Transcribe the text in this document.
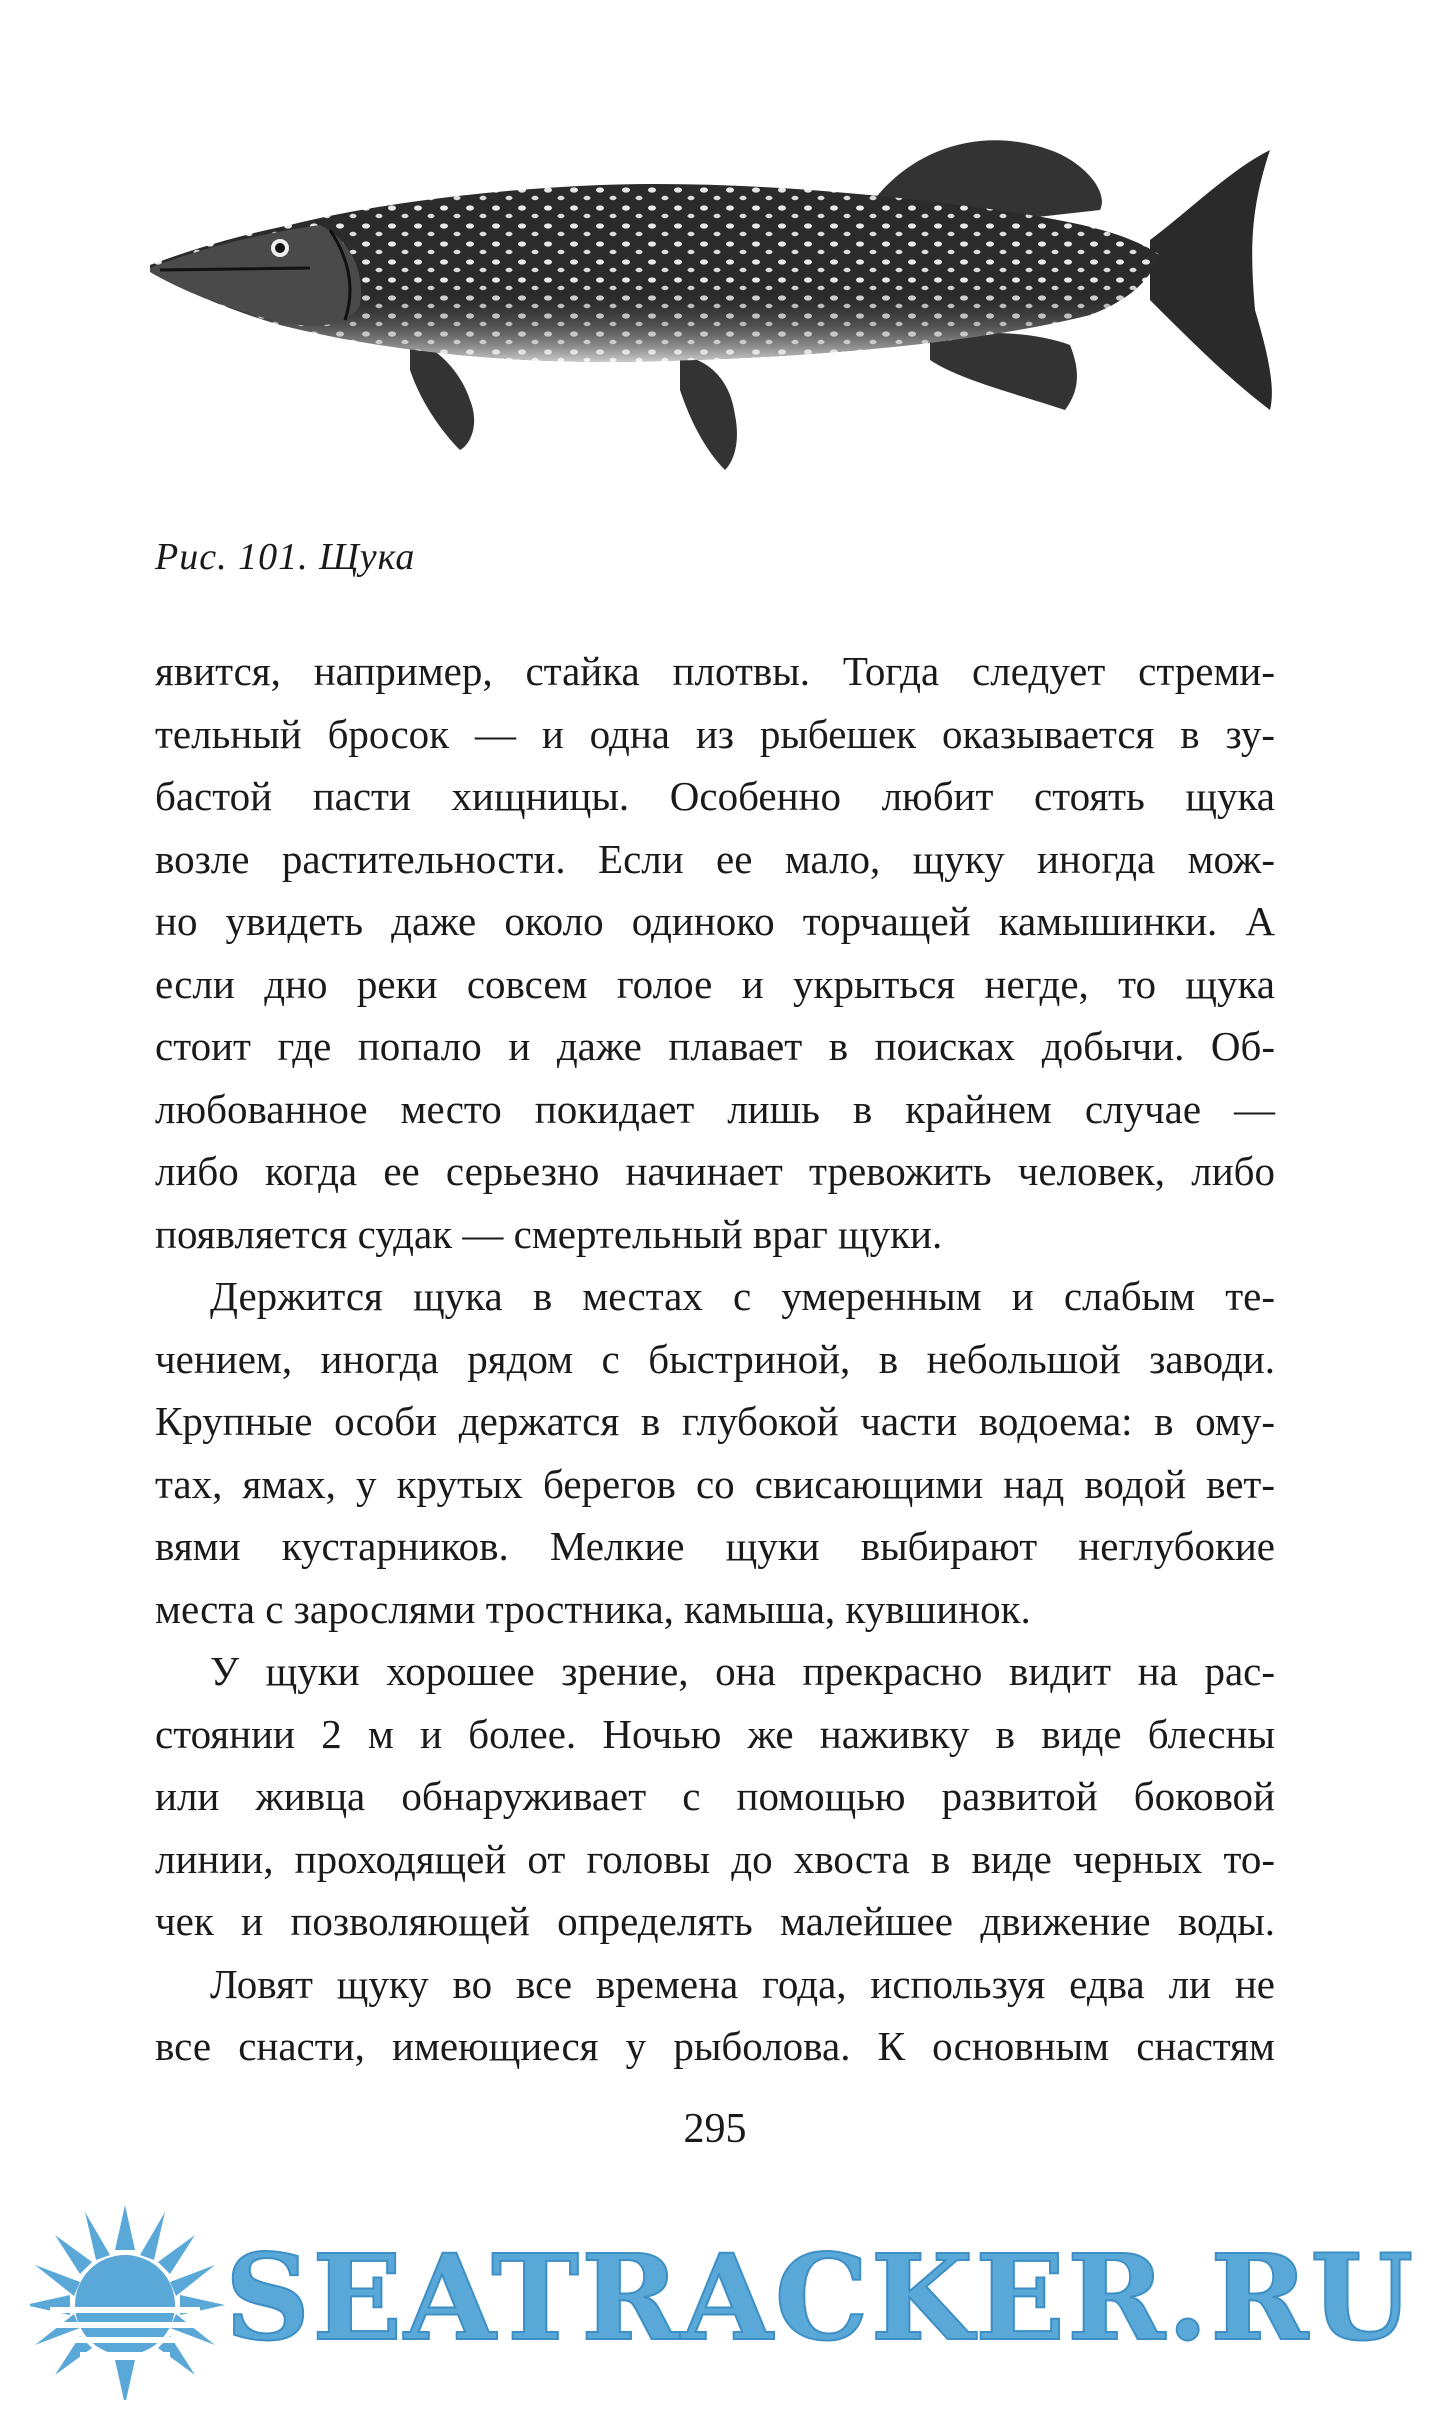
Рис. 101. Щука

явится, например, стайка плотвы. Тогда следует стреми-
тельный бросок — и одна из рыбешек оказывается в зу-
бастой пасти хищницы. Особенно любит стоять щука
возле растительности. Если ее мало, щуку иногда мож-
но увидеть даже около одиноко торчащей камышинки. А
если дно реки совсем голое и укрыться негде, то щука
стоит где попало и даже плавает в поисках добычи. Об-
любованное место покидает лишь в крайнем случае —
либо когда ее серьезно начинает тревожить человек, либо
появляется судак — смертельный враг щуки.

Держится щука в местах с умеренным и слабым те-
чением, иногда рядом с быстриной, в небольшой заводи.
Крупные особи держатся в глубокой части водоема: в ому-
тах, ямах, у крутых берегов со свисающими над водой вет-
вями кустарников. Мелкие щуки выбирают неглубокие
места с зарослями тростника, камыша, кувшинок.

У щуки хорошее зрение, она прекрасно видит на рас-
стоянии 2 м и более. Ночью же наживку в виде блесны
или живца обнаруживает с помощью развитой боковой
линии, проходящей от головы до хвоста в виде черных то-
чек и позволяющей определять малейшее движение воды.

Ловят щуку во все времена года, используя едва ли не
все снасти, имеющиеся у рыболова. К основным снастям

295
SEATRACKER.RU
